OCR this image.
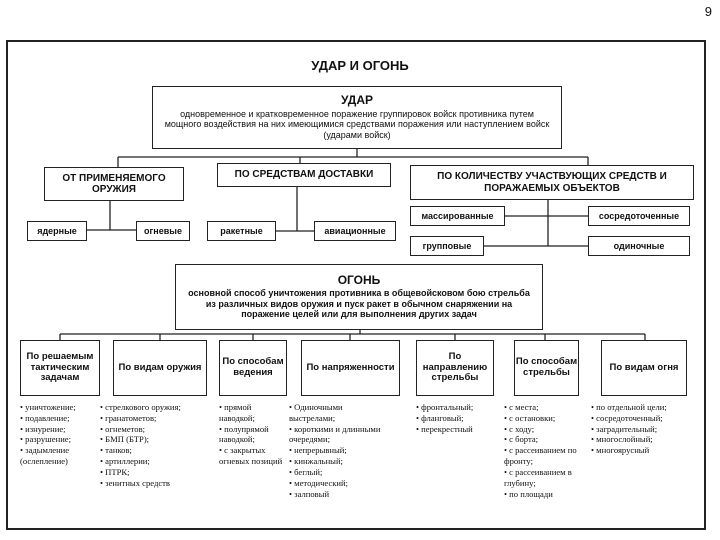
9
УДАР И ОГОНЬ
УДАР
одновременное и кратковременное поражение группировок войск противника путем мощного воздействия на них имеющимися средствами поражения или наступлением войск (ударами войск)
ОТ ПРИМЕНЯЕМОГО ОРУЖИЯ
ПО СРЕДСТВАМ ДОСТАВКИ	ПО КОЛИЧЕСТВУ УЧАСТВУЮЩИХ СРЕДСТВ И ПОРАЖАЕМЫХ ОБЪЕКТОВ
ядерные	огневые	ракетные	авиационные
массированные	сосредоточенные
групповые	одиночные
ОГОНЬ
основной способ уничтожения противника в общевойсковом бою стрельба из различных видов оружия и пуск ракет в обычном снаряжении на поражение целей или для выполнения других задач
По решаемым тактическим задачам
По видам оружия	По способам ведения	По напряженности
По направлению стрельбы
По способам стрельбы	По видам огня
• уничтожение;
• подавление;
• изнурение;
• разрушение;
• задымление (ослепление)
• стрелкового оружия;
• гранатометов;
• огнеметов;
• БМП (БТР);
• танков;
• артиллерии;
• ПТРК;
• зенитных средств
• прямой наводкой;
• полупрямой наводкой;
• с закрытых огневых позиций
• Одиночными выстрелами;
• короткими и длинными очередями;
• непрерывный;
• кинжальный;
• беглый;
• методический;
• залповый
• фронтальный;
• фланговый;
• перекрестный
• с места;
• с остановки;
• с ходу;
• с борта;
• с рассеиванием по фронту;
• с рассеиванием в глубину;
• по площади
• по отдельной цели;
• сосредоточенный;
• заградительный;
• многослойный;
• многоярусный
